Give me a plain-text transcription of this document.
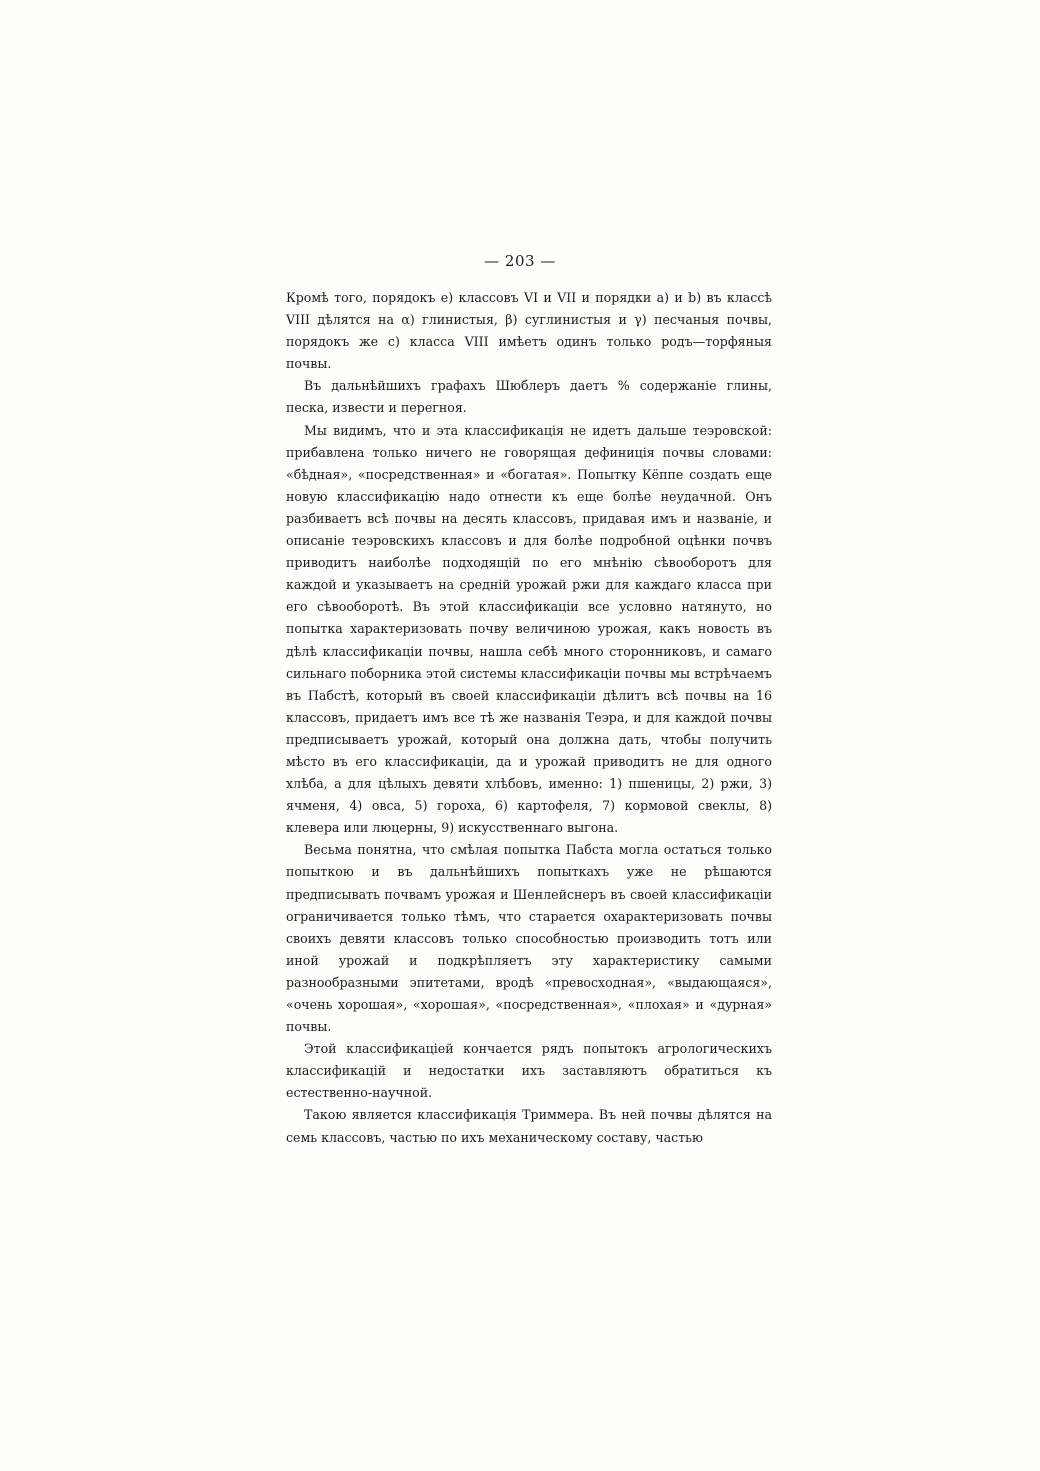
— 203 —

Кромѣ того, порядокъ e) классовъ VI и VII и порядки a) и b) въ классѣ VIII дѣлятся на α) глинистыя, β) суглинистыя и γ) песчаныя почвы, порядокъ же c) класса VIII имѣетъ одинъ только родъ—торфяныя почвы.

Въ дальнѣйшихъ графахъ Шюблеръ даетъ % содержаніе глины, песка, извести и перегноя.

Мы видимъ, что и эта классификація не идетъ дальше теэровской: прибавлена только ничего не говорящая дефиниція почвы словами: «бѣдная», «посредственная» и «богатая». Попытку Кёппе создать еще новую классификацію надо отнести къ еще болѣе неудачной. Онъ разбиваетъ всѣ почвы на десять классовъ, придавая имъ и названіе, и описаніе теэровскихъ классовъ и для болѣе подробной оцѣнки почвъ приводитъ наиболѣе подходящій по его мнѣнію сѣвооборотъ для каждой и указываетъ на средній урожай ржи для каждаго класса при его сѣвооборотѣ. Въ этой классификаціи все условно натянуто, но попытка характеризовать почву величиною урожая, какъ новость въ дѣлѣ классификаціи почвы, нашла себѣ много сторонниковъ, и самаго сильнаго поборника этой системы классификаціи почвы мы встрѣчаемъ въ Пабстѣ, который въ своей классификаціи дѣлитъ всѣ почвы на 16 классовъ, придаетъ имъ все тѣ же названія Теэра, и для каждой почвы предписываетъ урожай, который она должна дать, чтобы получить мѣсто въ его классификаціи, да и урожай приводитъ не для одного хлѣба, а для цѣлыхъ девяти хлѣбовъ, именно: 1) пшеницы, 2) ржи, 3) ячменя, 4) овса, 5) гороха, 6) картофеля, 7) кормовой свеклы, 8) клевера или люцерны, 9) искусственнаго выгона.

Весьма понятна, что смѣлая попытка Пабста могла остаться только попыткою и въ дальнѣйшихъ попыткахъ уже не рѣшаются предписывать почвамъ урожая и Шенлейснеръ въ своей классификаціи ограничивается только тѣмъ, что старается охарактеризовать почвы своихъ девяти классовъ только способностью производить тотъ или иной урожай и подкрѣпляетъ эту характеристику самыми разнообразными эпитетами, вродѣ «превосходная», «выдающаяся», «очень хорошая», «хорошая», «посредственная», «плохая» и «дурная» почвы.

Этой классификаціей кончается рядъ попытокъ агрологическихъ классификацій и недостатки ихъ заставляютъ обратиться къ естественно-научной.

Такою является классификація Триммера. Въ ней почвы дѣлятся на семь классовъ, частью по ихъ механическому составу, частью
